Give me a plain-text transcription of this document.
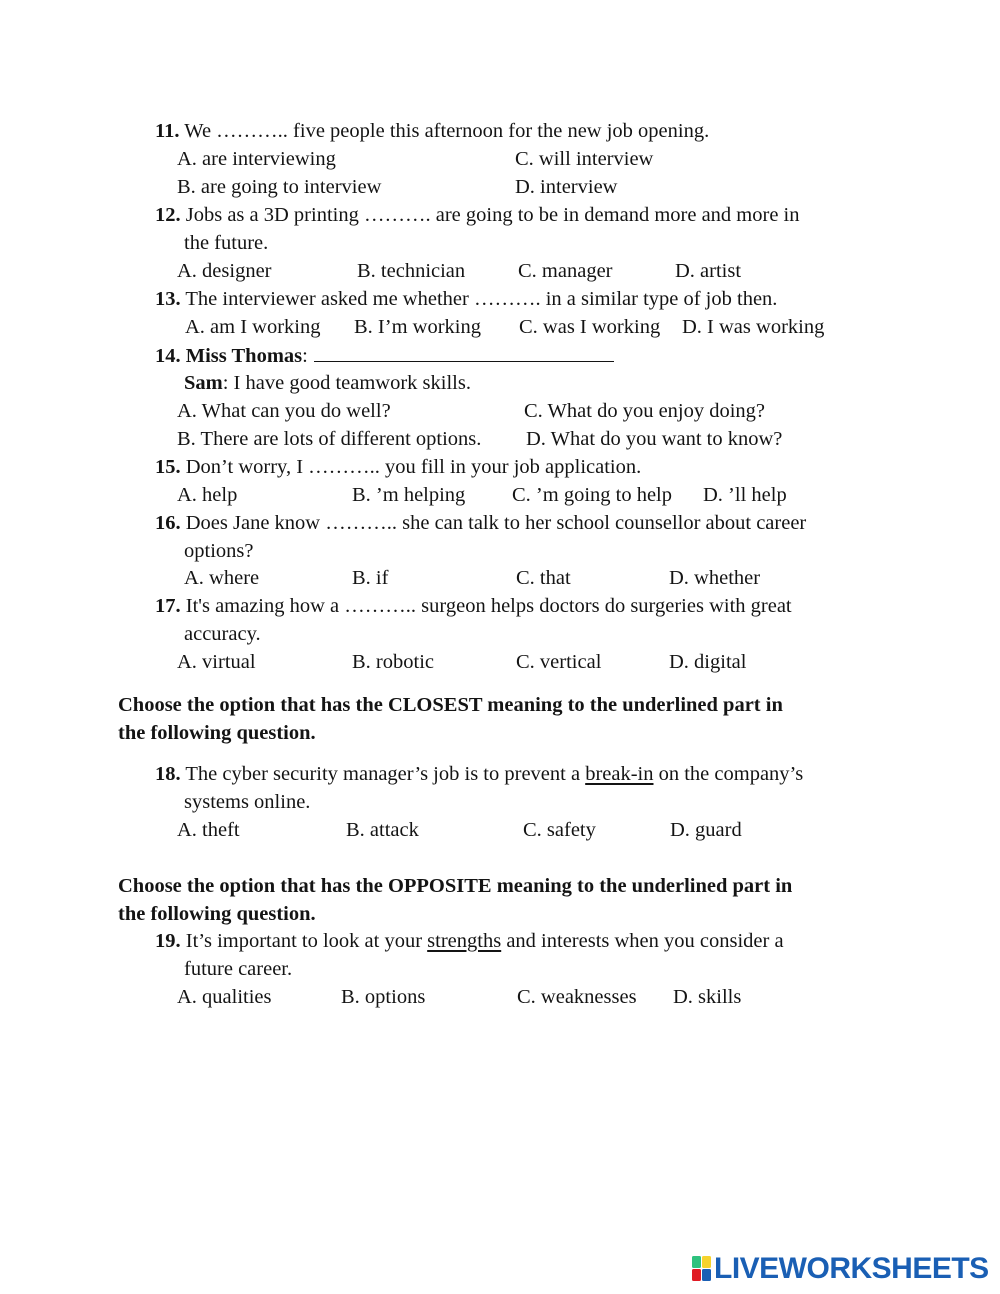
11. We ……….. five people this afternoon for the new job opening.
A. are interviewing	C. will interview
B. are going to interview	D. interview
12. Jobs as a 3D printing ………. are going to be in demand more and more in
the future.
A. designer	B. technician	C. manager	D. artist
13. The interviewer asked me whether ………. in a similar type of job then.
A. am I working B. I’m working C. was I working D. I was working
14. Miss Thomas:
Sam: I have good teamwork skills.
A. What can you do well?	C. What do you enjoy doing?
B. There are lots of different options. D. What do you want to know?
15. Don’t worry, I ……….. you fill in your job application.
A. help	B. ’m helping C. ’m going to help D. ’ll help
16. Does Jane know ……….. she can talk to her school counsellor about career
options?
A. where	B. if	C. that	D. whether
17. It's amazing how a ……….. surgeon helps doctors do surgeries with great
accuracy.
A. virtual	B. robotic	C. vertical	D. digital
Choose the option that has the CLOSEST meaning to the underlined part in
the following question.
18. The cyber security manager’s job is to prevent a break-in on the company’s
systems online.
A. theft	B. attack	C. safety	D. guard
Choose the option that has the OPPOSITE meaning to the underlined part in
the following question.
19. It’s important to look at your strengths and interests when you consider a
future career.
A. qualities	B. options	C. weaknesses D. skills
LIVEWORKSHEETS
